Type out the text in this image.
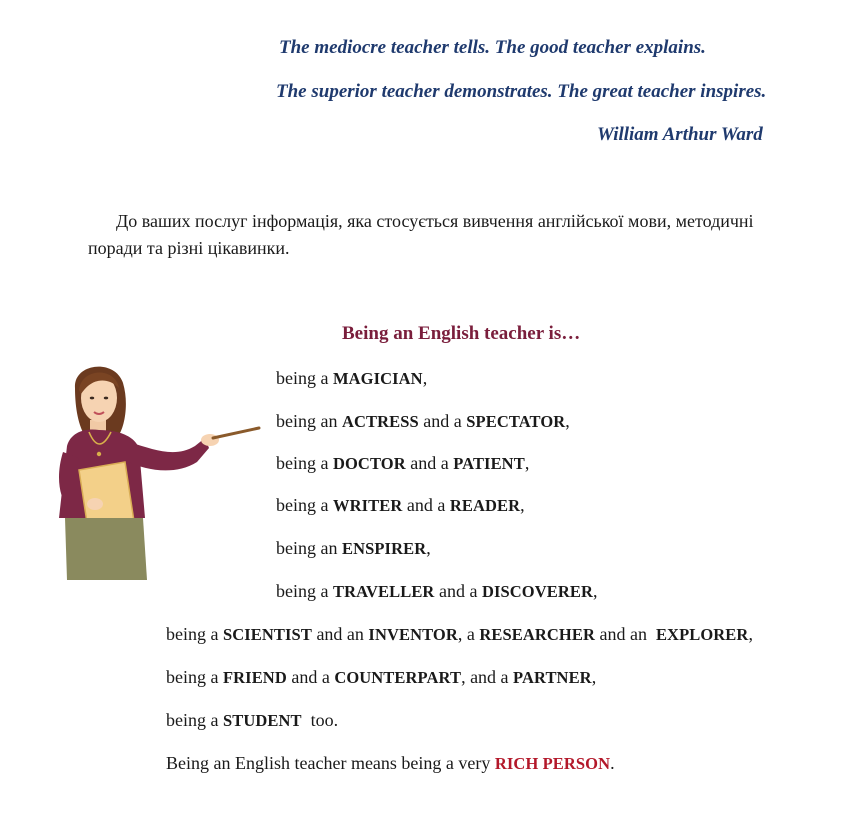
The mediocre teacher tells. The good teacher explains.
The superior teacher demonstrates. The great teacher inspires.
William Arthur Ward
До ваших послуг інформація, яка стосується вивчення англійської мови, методичні поради та різні цікавинки.
Being an English teacher is…
being a MAGICIAN,
being an ACTRESS and a SPECTATOR,
being a DOCTOR and a PATIENT,
being a WRITER and a READER,
being an ENSPIRER,
being a TRAVELLER and a DISCOVERER,
being a SCIENTIST and an INVENTOR, a RESEARCHER and an  EXPLORER,
being a FRIEND and a COUNTERPART, and a PARTNER,
being a STUDENT  too.
Being an English teacher means being a very RICH PERSON.
